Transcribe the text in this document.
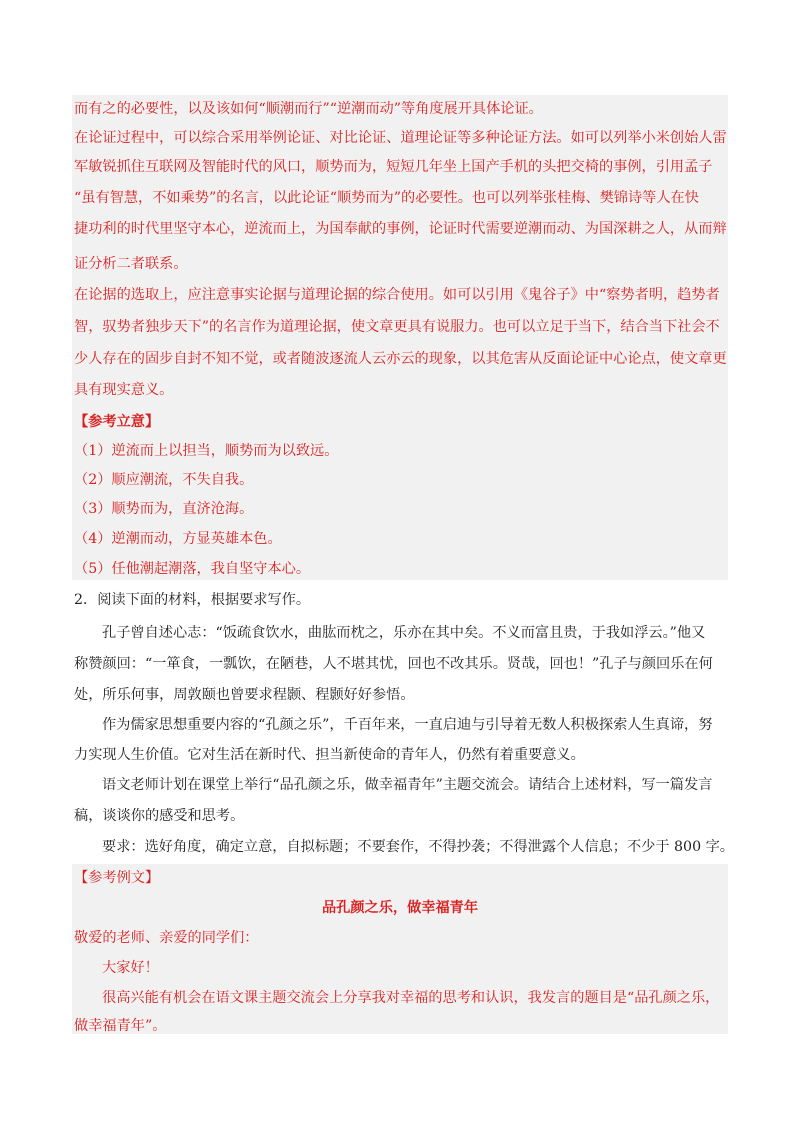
而有之的必要性，以及该如何“顺潮而行”“逆潮而动”等角度展开具体论证。
在论证过程中，可以综合采用举例论证、对比论证、道理论证等多种论证方法。如可以列举小米创始人雷
军敏锐抓住互联网及智能时代的风口，顺势而为，短短几年坐上国产手机的头把交椅的事例，引用孟子
“虽有智慧，不如乘势”的名言，以此论证“顺势而为”的必要性。也可以列举张桂梅、樊锦诗等人在快
捷功利的时代里坚守本心，逆流而上，为国奉献的事例，论证时代需要逆潮而动、为国深耕之人，从而辩
证分析二者联系。
在论据的选取上，应注意事实论据与道理论据的综合使用。如可以引用《鬼谷子》中“察势者明，趋势者
智，驭势者独步天下”的名言作为道理论据，使文章更具有说服力。也可以立足于当下，结合当下社会不
少人存在的固步自封不知不觉，或者随波逐流人云亦云的现象，以其危害从反面论证中心论点，使文章更
具有现实意义。
【参考立意】
（1）逆流而上以担当，顺势而为以致远。
（2）顺应潮流，不失自我。
（3）顺势而为，直济沧海。
（4）逆潮而动，方显英雄本色。
（5）任他潮起潮落，我自坚守本心。
2．阅读下面的材料，根据要求写作。
孔子曾自述心志：“饭疏食饮水，曲肱而枕之，乐亦在其中矣。不义而富且贵，于我如浮云。”他又
称赞颜回：“一箪食，一瓢饮，在陋巷，人不堪其忧，回也不改其乐。贤哉，回也！”孔子与颜回乐在何
处，所乐何事，周敦颐也曾要求程颢、程颢好好参悟。
作为儒家思想重要内容的“孔颜之乐”，千百年来，一直启迪与引导着无数人积极探索人生真谛，努
力实现人生价值。它对生活在新时代、担当新使命的青年人，仍然有着重要意义。
语文老师计划在课堂上举行“品孔颜之乐，做幸福青年”主题交流会。请结合上述材料，写一篇发言
稿，谈谈你的感受和思考。
要求：选好角度，确定立意，自拟标题；不要套作，不得抄袭；不得泄露个人信息；不少于 800 字。
【参考例文】
品孔颜之乐，做幸福青年
敬爱的老师、亲爱的同学们：
大家好！
很高兴能有机会在语文课主题交流会上分享我对幸福的思考和认识，我发言的题目是“品孔颜之乐，
做幸福青年”。
